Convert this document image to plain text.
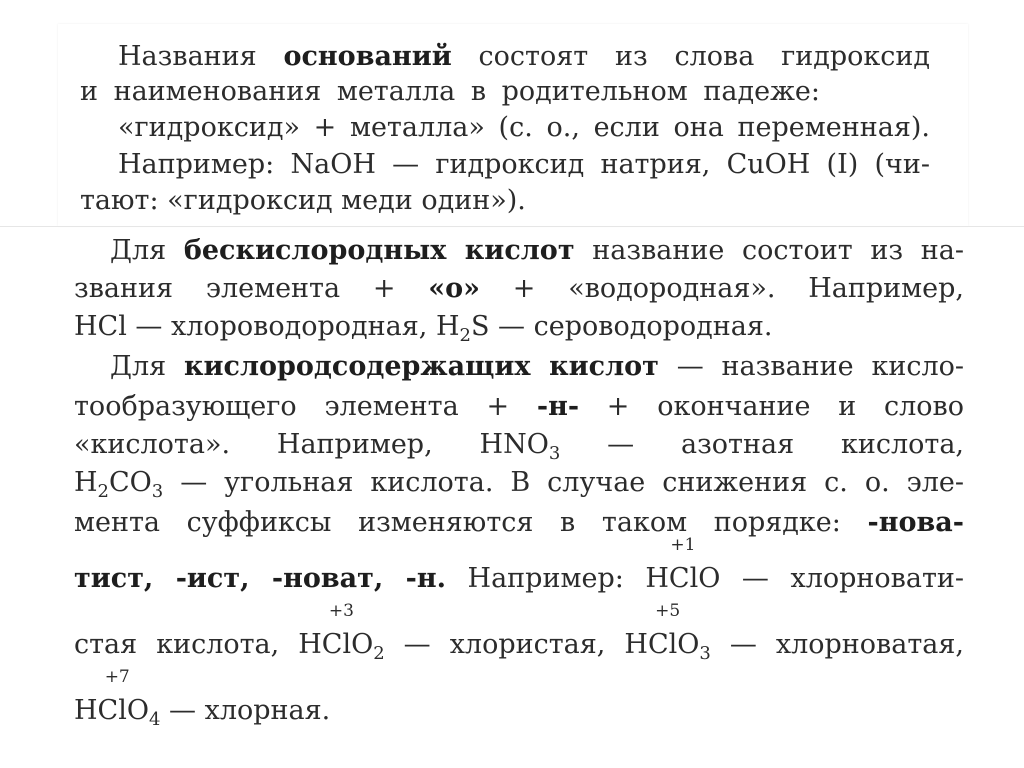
Названия оснований состоят из слова гидроксид
и наименования металла в родительном падеже:
«гидроксид» + металла» (с. о., если она переменная).
Например: NaOH — гидроксид натрия, CuOH (I) (чи-
тают: «гидроксид меди один»).
Для бескислородных кислот название состоит из на-
звания элемента + «о» + «водородная». Например,
HCl — хлороводородная, $H_2S$ — сероводородная.
Для кислородсодержащих кислот — название кисло-
тообразующего элемента + -н- + окончание и слово
«кислота». Например, $HNO_3$ — азотная кислота,
$H_2CO_3$ — угольная кислота. В случае снижения с. о. эле-
мента суффиксы изменяются в таком порядке: -нова-
тист, -ист, -новат, -н. Например:
+1
HClO — хлорновати-
стая кислота,
+3
HClO$_2$ — хлористая,
+5
HClO$_3$ — хлорноватая,
+7
HClO$_4$ — хлорная.
